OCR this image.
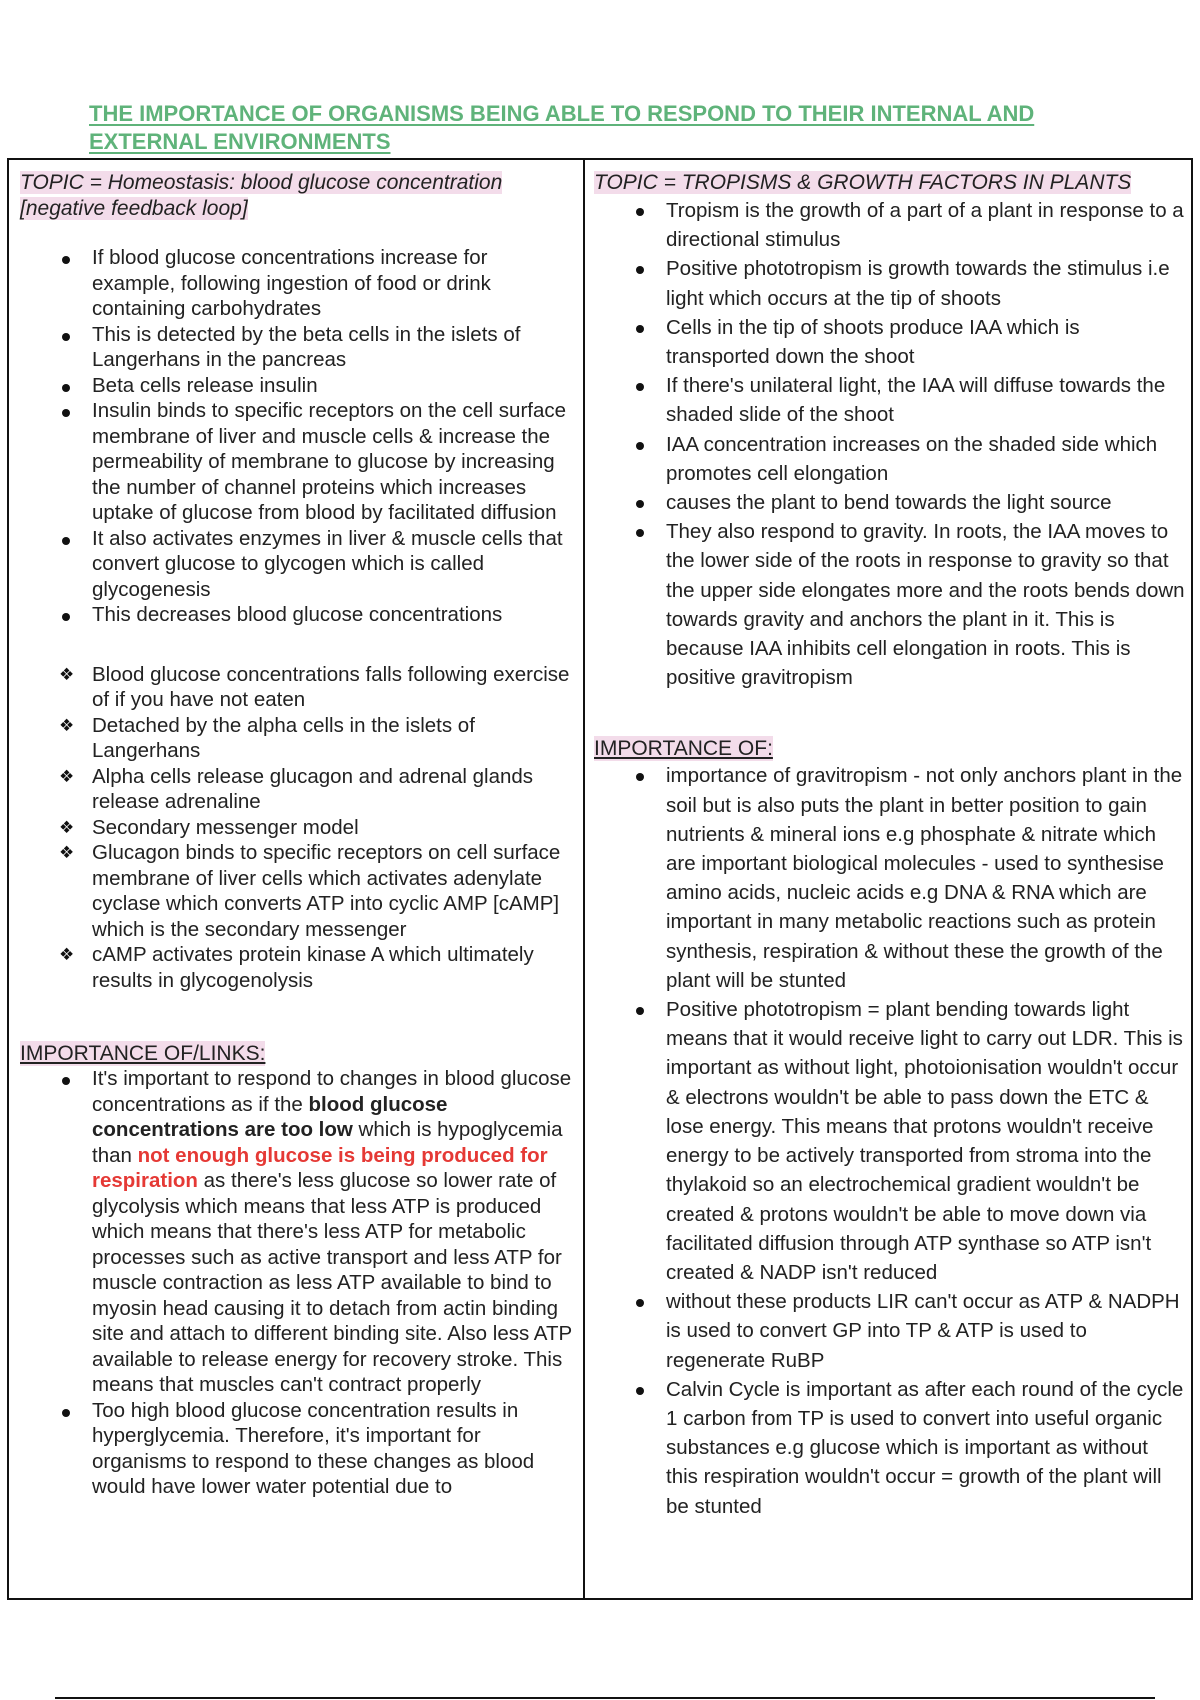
THE IMPORTANCE OF ORGANISMS BEING ABLE TO RESPOND TO THEIR INTERNAL AND EXTERNAL ENVIRONMENTS
TOPIC = Homeostasis: blood glucose concentration
[negative feedback loop]
If blood glucose concentrations increase for example, following ingestion of food or drink containing carbohydrates
This is detected by the beta cells in the islets of Langerhans in the pancreas
Beta cells release insulin
Insulin binds to specific receptors on the cell surface membrane of liver and muscle cells & increase the permeability of membrane to glucose by increasing the number of channel proteins which increases uptake of glucose from blood by facilitated diffusion
It also activates enzymes in liver & muscle cells that convert glucose to glycogen which is called glycogenesis
This decreases blood glucose concentrations
❖ Blood glucose concentrations falls following exercise of if you have not eaten
❖ Detached by the alpha cells in the islets of Langerhans
❖ Alpha cells release glucagon and adrenal glands release adrenaline
❖ Secondary messenger model
❖ Glucagon binds to specific receptors on cell surface membrane of liver cells which activates adenylate cyclase which converts ATP into cyclic AMP [cAMP] which is the secondary messenger
❖ cAMP activates protein kinase A which ultimately results in glycogenolysis
IMPORTANCE OF/LINKS:
It's important to respond to changes in blood glucose concentrations as if the blood glucose concentrations are too low which is hypoglycemia than not enough glucose is being produced for respiration as there's less glucose so lower rate of glycolysis which means that less ATP is produced which means that there's less ATP for metabolic processes such as active transport and less ATP for muscle contraction as less ATP available to bind to myosin head causing it to detach from actin binding site and attach to different binding site. Also less ATP available to release energy for recovery stroke. This means that muscles can't contract properly
Too high blood glucose concentration results in hyperglycemia. Therefore, it's important for organisms to respond to these changes as blood would have lower water potential due to
TOPIC = TROPISMS & GROWTH FACTORS IN PLANTS
Tropism is the growth of a part of a plant in response to a directional stimulus
Positive phototropism is growth towards the stimulus i.e light which occurs at the tip of shoots
Cells in the tip of shoots produce IAA which is transported down the shoot
If there's unilateral light, the IAA will diffuse towards the shaded slide of the shoot
IAA concentration increases on the shaded side which promotes cell elongation
causes the plant to bend towards the light source
They also respond to gravity. In roots, the IAA moves to the lower side of the roots in response to gravity so that the upper side elongates more and the roots bends down towards gravity and anchors the plant in it. This is because IAA inhibits cell elongation in roots. This is positive gravitropism
IMPORTANCE OF:
importance of gravitropism - not only anchors plant in the soil but is also puts the plant in better position to gain nutrients & mineral ions e.g phosphate & nitrate which are important biological molecules - used to synthesise amino acids, nucleic acids e.g DNA & RNA which are important in many metabolic reactions such as protein synthesis, respiration & without these the growth of the plant will be stunted
Positive phototropism = plant bending towards light means that it would receive light to carry out LDR. This is important as without light, photoionisation wouldn't occur & electrons wouldn't be able to pass down the ETC & lose energy. This means that protons wouldn't receive energy to be actively transported from stroma into the thylakoid so an electrochemical gradient wouldn't be created & protons wouldn't be able to move down via facilitated diffusion through ATP synthase so ATP isn't created & NADP isn't reduced
without these products LIR can't occur as ATP & NADPH is used to convert GP into TP & ATP is used to regenerate RuBP
Calvin Cycle is important as after each round of the cycle 1 carbon from TP is used to convert into useful organic substances e.g glucose which is important as without this respiration wouldn't occur = growth of the plant will be stunted
